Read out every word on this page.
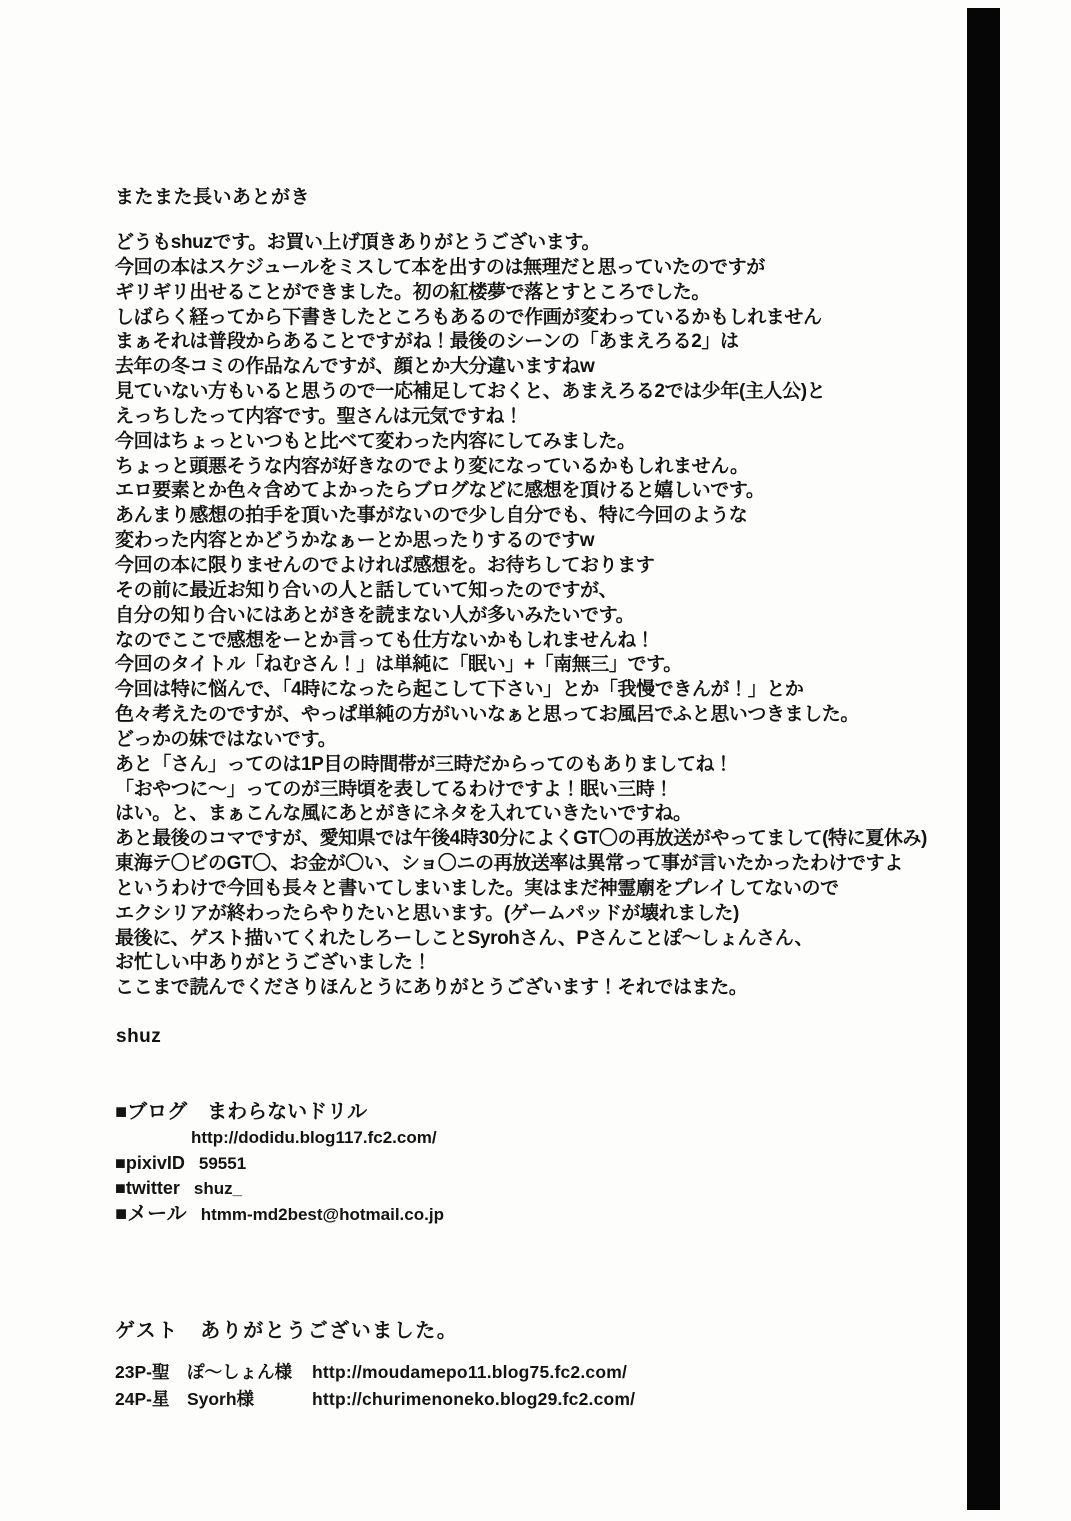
またまた長いあとがき
どうもshuzです。お買い上げ頂きありがとうございます。
今回の本はスケジュールをミスして本を出すのは無理だと思っていたのですが
ギリギリ出せることができました。初の紅楼夢で落とすところでした。
しばらく経ってから下書きしたところもあるので作画が変わっているかもしれません
まぁそれは普段からあることですがね！最後のシーンの「あまえろる2」は
去年の冬コミの作品なんですが、顔とか大分違いますねw
見ていない方もいると思うので一応補足しておくと、あまえろる2では少年(主人公)と
えっちしたって内容です。聖さんは元気ですね！
今回はちょっといつもと比べて変わった内容にしてみました。
ちょっと頭悪そうな内容が好きなのでより変になっているかもしれません。
エロ要素とか色々含めてよかったらブログなどに感想を頂けると嬉しいです。
あんまり感想の拍手を頂いた事がないので少し自分でも、特に今回のような
変わった内容とかどうかなぁーとか思ったりするのですw
今回の本に限りませんのでよければ感想を。お待ちしております
その前に最近お知り合いの人と話していて知ったのですが、
自分の知り合いにはあとがきを読まない人が多いみたいです。
なのでここで感想をーとか言っても仕方ないかもしれませんね！
今回のタイトル「ねむさん！」は単純に「眠い」+「南無三」です。
今回は特に悩んで、「4時になったら起こして下さい」とか「我慢できんが！」とか
色々考えたのですが、やっぱ単純の方がいいなぁと思ってお風呂でふと思いつきました。
どっかの妹ではないです。
あと「さん」ってのは1P目の時間帯が三時だからってのもありましてね！
「おやつに〜」ってのが三時頃を表してるわけですよ！眠い三時！
はい。と、まぁこんな風にあとがきにネタを入れていきたいですね。
あと最後のコマですが、愛知県では午後4時30分によくGT〇の再放送がやってまして(特に夏休み)
東海テ〇ビのGT〇、お金が〇い、ショ〇ニの再放送率は異常って事が言いたかったわけですよ
というわけで今回も長々と書いてしまいました。実はまだ神霊廟をプレイしてないので
エクシリアが終わったらやりたいと思います。(ゲームパッドが壊れました)
最後に、ゲスト描いてくれたしろーしことSyrohさん、Pさんことぽ〜しょんさん、
お忙しい中ありがとうございました！
ここまで読んでくださりほんとうにありがとうございます！それではまた。
shuz
■ブログ まわらないドリル
http://dodidu.blog117.fc2.com/
■pixivID 59551
■twitter shuz_
■メール htmm-md2best@hotmail.co.jp
ゲスト　ありがとうございました。
23P-聖　ぽ〜しょん様 http://moudamepo11.blog75.fc2.com/
24P-星　Syorh様	http://churimenoneko.blog29.fc2.com/
